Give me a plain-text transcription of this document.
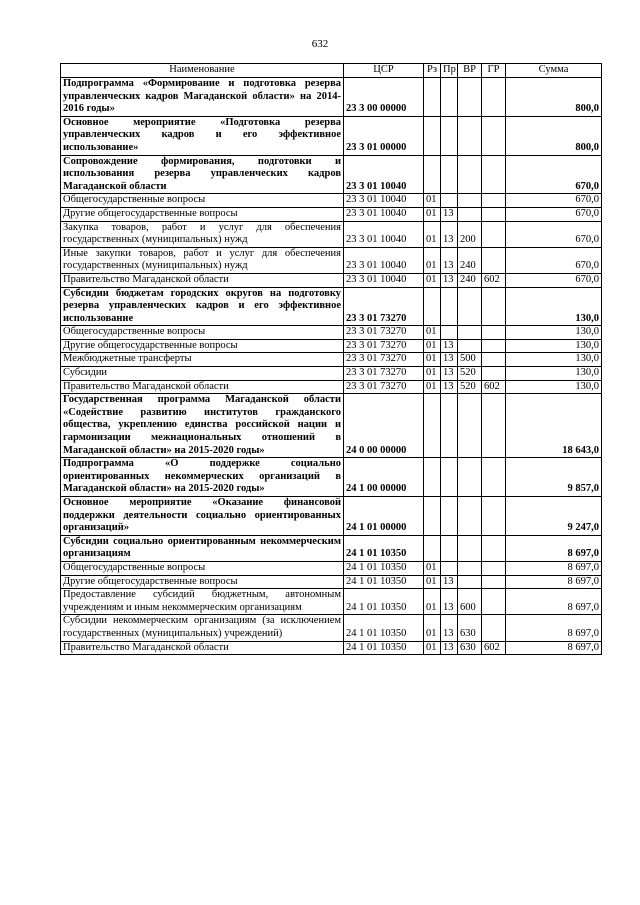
632
Наименование	ЦСР	Рз	Пр	ВР	ГР	Сумма
Подпрограмма «Формирование и подготовка резерва управленческих кадров Магаданской области» на 2014-2016 годы»	23 3 00 00000					800,0
Основное мероприятие «Подготовка резерва управленческих кадров и его эффективное использование»	23 3 01 00000					800,0
Сопровождение формирования, подготовки и использования резерва управленческих кадров Магаданской области	23 3 01 10040					670,0
Общегосударственные вопросы	23 3 01 10040	01				670,0
Другие общегосударственные вопросы	23 3 01 10040	01	13			670,0
Закупка товаров, работ и услуг для обеспечения государственных (муниципальных) нужд	23 3 01 10040	01	13	200		670,0
Иные закупки товаров, работ и услуг для обеспечения государственных (муниципальных) нужд	23 3 01 10040	01	13	240		670,0
Правительство Магаданской области	23 3 01 10040	01	13	240	602	670,0
Субсидии бюджетам городских округов на подготовку резерва управленческих кадров и его эффективное использование	23 3 01 73270					130,0
Общегосударственные вопросы	23 3 01 73270	01				130,0
Другие общегосударственные вопросы	23 3 01 73270	01	13			130,0
Межбюджетные трансферты	23 3 01 73270	01	13	500		130,0
Субсидии	23 3 01 73270	01	13	520		130,0
Правительство Магаданской области	23 3 01 73270	01	13	520	602	130,0
Государственная программа Магаданской области «Содействие развитию институтов гражданского общества, укреплению единства российской нации и гармонизации межнациональных отношений в Магаданской области» на 2015-2020 годы»	24 0 00 00000					18 643,0
Подпрограмма «О поддержке социально ориентированных некоммерческих организаций в Магаданской области» на 2015-2020 годы»	24 1 00 00000					9 857,0
Основное мероприятие «Оказание финансовой поддержки деятельности социально ориентированных организаций»	24 1 01 00000					9 247,0
Субсидии социально ориентированным некоммерческим организациям	24 1 01 10350					8 697,0
Общегосударственные вопросы	24 1 01 10350	01				8 697,0
Другие общегосударственные вопросы	24 1 01 10350	01	13			8 697,0
Предоставление субсидий бюджетным, автономным учреждениям и иным некоммерческим организациям	24 1 01 10350	01	13	600		8 697,0
Субсидии некоммерческим организациям (за исключением государственных (муниципальных) учреждений)	24 1 01 10350	01	13	630		8 697,0
Правительство Магаданской области	24 1 01 10350	01	13	630	602	8 697,0
